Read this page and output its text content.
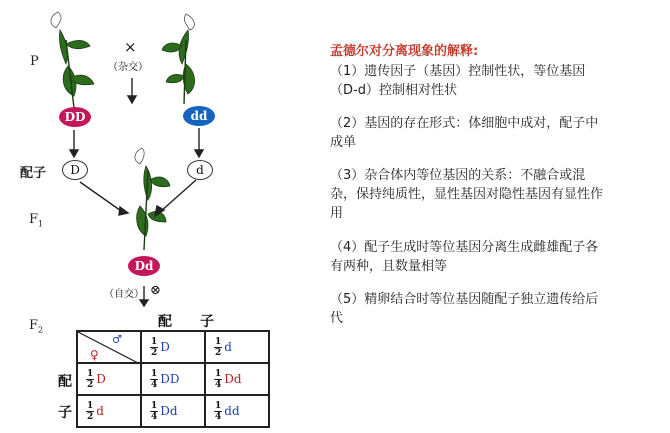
P
配子
$F_1$
$F_2$
×
（杂交）
DD	dd
D	d
Dd
（自交） ⊗
配 子
配
子
♂
♀	$\frac{1}{2}$ D	$\frac{1}{2}$ d

$\frac{1}{2}$ D	$\frac{1}{4}$ DD	$\frac{1}{4}$ Dd

$\frac{1}{2}$ d	$\frac{1}{4}$ Dd	$\frac{1}{4}$ dd
孟德尔对分离现象的解释:
（1）遗传因子（基因）控制性状，等位基因（D-d）控制相对性状
（2）基因的存在形式：体细胞中成对，配子中成单
（3）杂合体内等位基因的关系：不融合或混杂，保持纯质性，显性基因对隐性基因有显性作用
（4）配子生成时等位基因分离生成雌雄配子各有两种，且数量相等
（5）精卵结合时等位基因随配子独立遗传给后代
